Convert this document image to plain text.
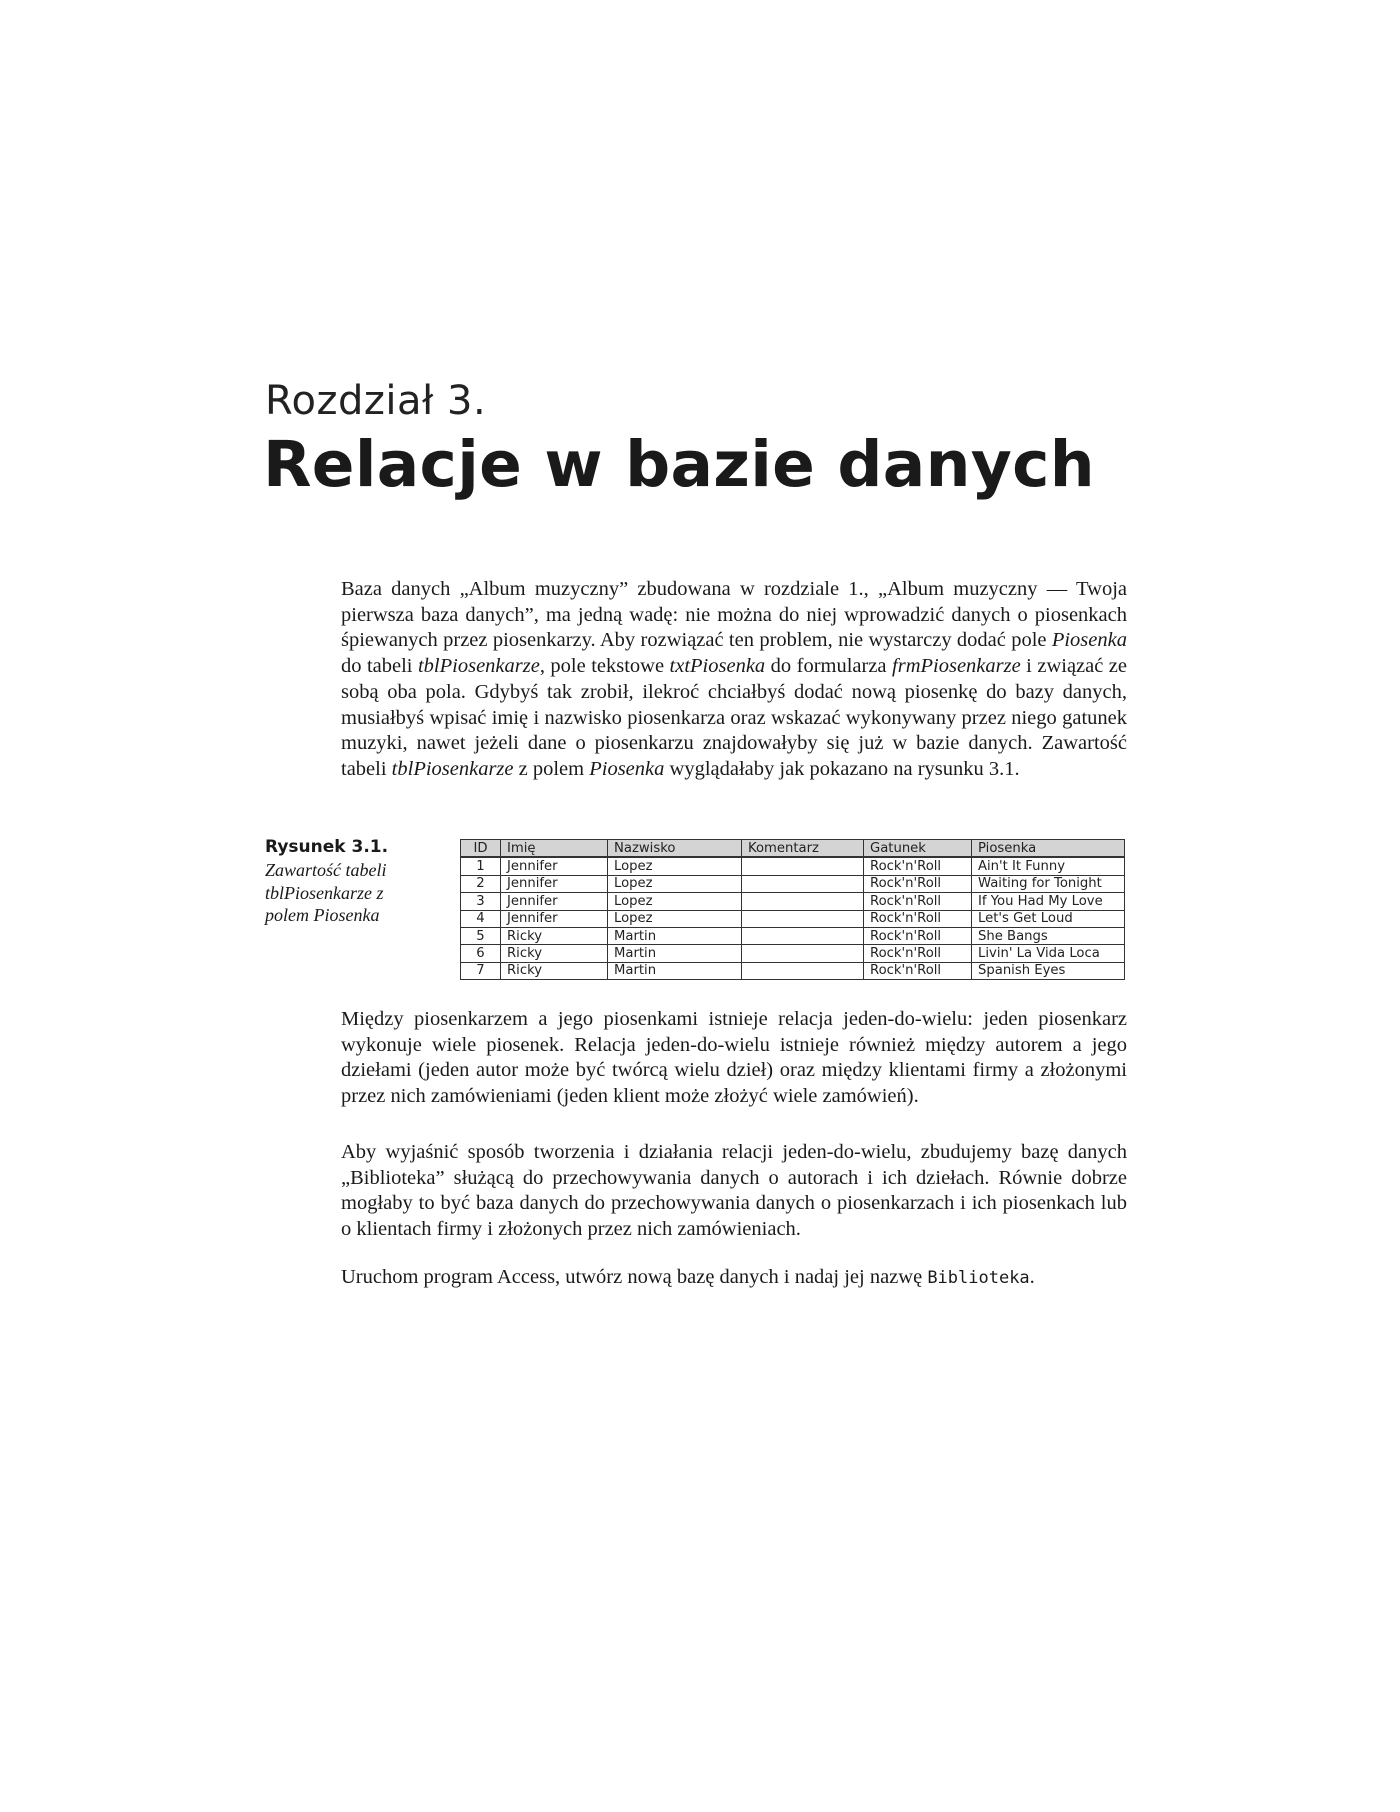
Rozdział 3.
Relacje w bazie danych

Baza danych „Album muzyczny” zbudowana w rozdziale 1., „Album muzyczny — Twoja pierwsza baza danych”, ma jedną wadę: nie można do niej wprowadzić danych o piosenkach śpiewanych przez piosenkarzy. Aby rozwiązać ten problem, nie wystarczy dodać pole Piosenka do tabeli tblPiosenkarze, pole tekstowe txtPiosenka do formularza frmPiosenkarze i związać ze sobą oba pola. Gdybyś tak zrobił, ilekroć chciałbyś dodać nową piosenkę do bazy danych, musiałbyś wpisać imię i nazwisko piosenkarza oraz wskazać wykonywany przez niego gatunek muzyki, nawet jeżeli dane o piosenkarzu znajdowałyby się już w bazie danych. Zawartość tabeli tblPiosenkarze z polem Piosenka wyglądałaby jak pokazano na rysunku 3.1.

Rysunek 3.1.
Zawartość tabeli tblPiosenkarze z polem Piosenka
ID	Imię	Nazwisko	Komentarz	Gatunek	Piosenka
1	Jennifer	Lopez		Rock'n'Roll	Ain't It Funny
2	Jennifer	Lopez		Rock'n'Roll	Waiting for Tonight
3	Jennifer	Lopez		Rock'n'Roll	If You Had My Love
4	Jennifer	Lopez		Rock'n'Roll	Let's Get Loud
5	Ricky	Martin		Rock'n'Roll	She Bangs
6	Ricky	Martin		Rock'n'Roll	Livin' La Vida Loca
7	Ricky	Martin		Rock'n'Roll	Spanish Eyes

Między piosenkarzem a jego piosenkami istnieje relacja jeden-do-wielu: jeden piosenkarz wykonuje wiele piosenek. Relacja jeden-do-wielu istnieje również między autorem a jego dziełami (jeden autor może być twórcą wielu dzieł) oraz między klientami firmy a złożonymi przez nich zamówieniami (jeden klient może złożyć wiele zamówień).

Aby wyjaśnić sposób tworzenia i działania relacji jeden-do-wielu, zbudujemy bazę danych „Biblioteka” służącą do przechowywania danych o autorach i ich dziełach. Równie dobrze mogłaby to być baza danych do przechowywania danych o piosenkarzach i ich piosenkach lub o klientach firmy i złożonych przez nich zamówieniach.

Uruchom program Access, utwórz nową bazę danych i nadaj jej nazwę Biblioteka.
